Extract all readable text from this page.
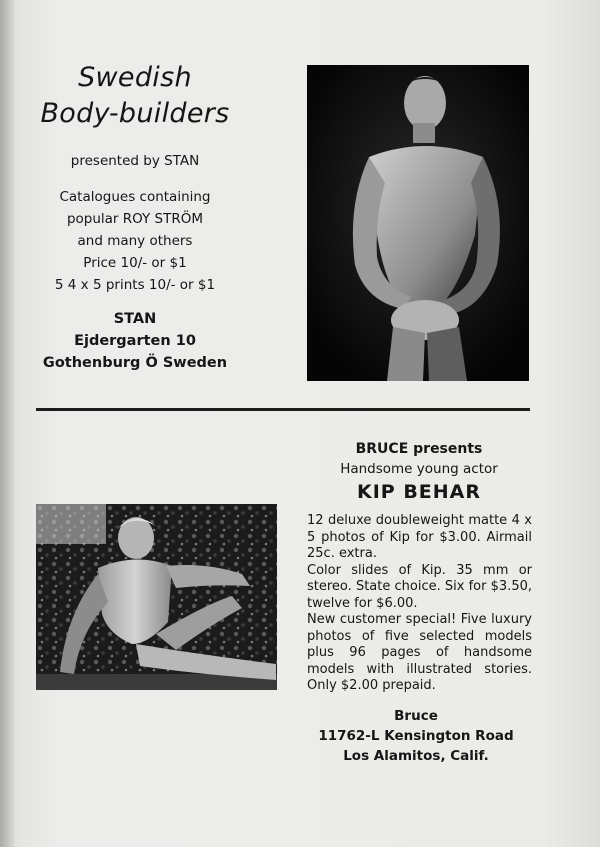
Swedish

Body-builders

presented by STAN

Catalogues containing

popular ROY STRÖM

and many others

Price 10/- or $1

5 4 x 5 prints 10/- or $1

STAN

Ejdergarten 10

Gothenburg Ö Sweden

BRUCE presents

Handsome young actor

KIP BEHAR

12 deluxe doubleweight matte 4 x 5 photos of Kip for $3.00. Airmail 25c. extra.

Color slides of Kip. 35 mm or stereo. State choice. Six for $3.50, twelve for $6.00.

New customer special! Five luxury photos of five selected models plus 96 pages of handsome models with illustrated stories. Only $2.00 prepaid.

Bruce

11762-L Kensington Road

Los Alamitos, Calif.
